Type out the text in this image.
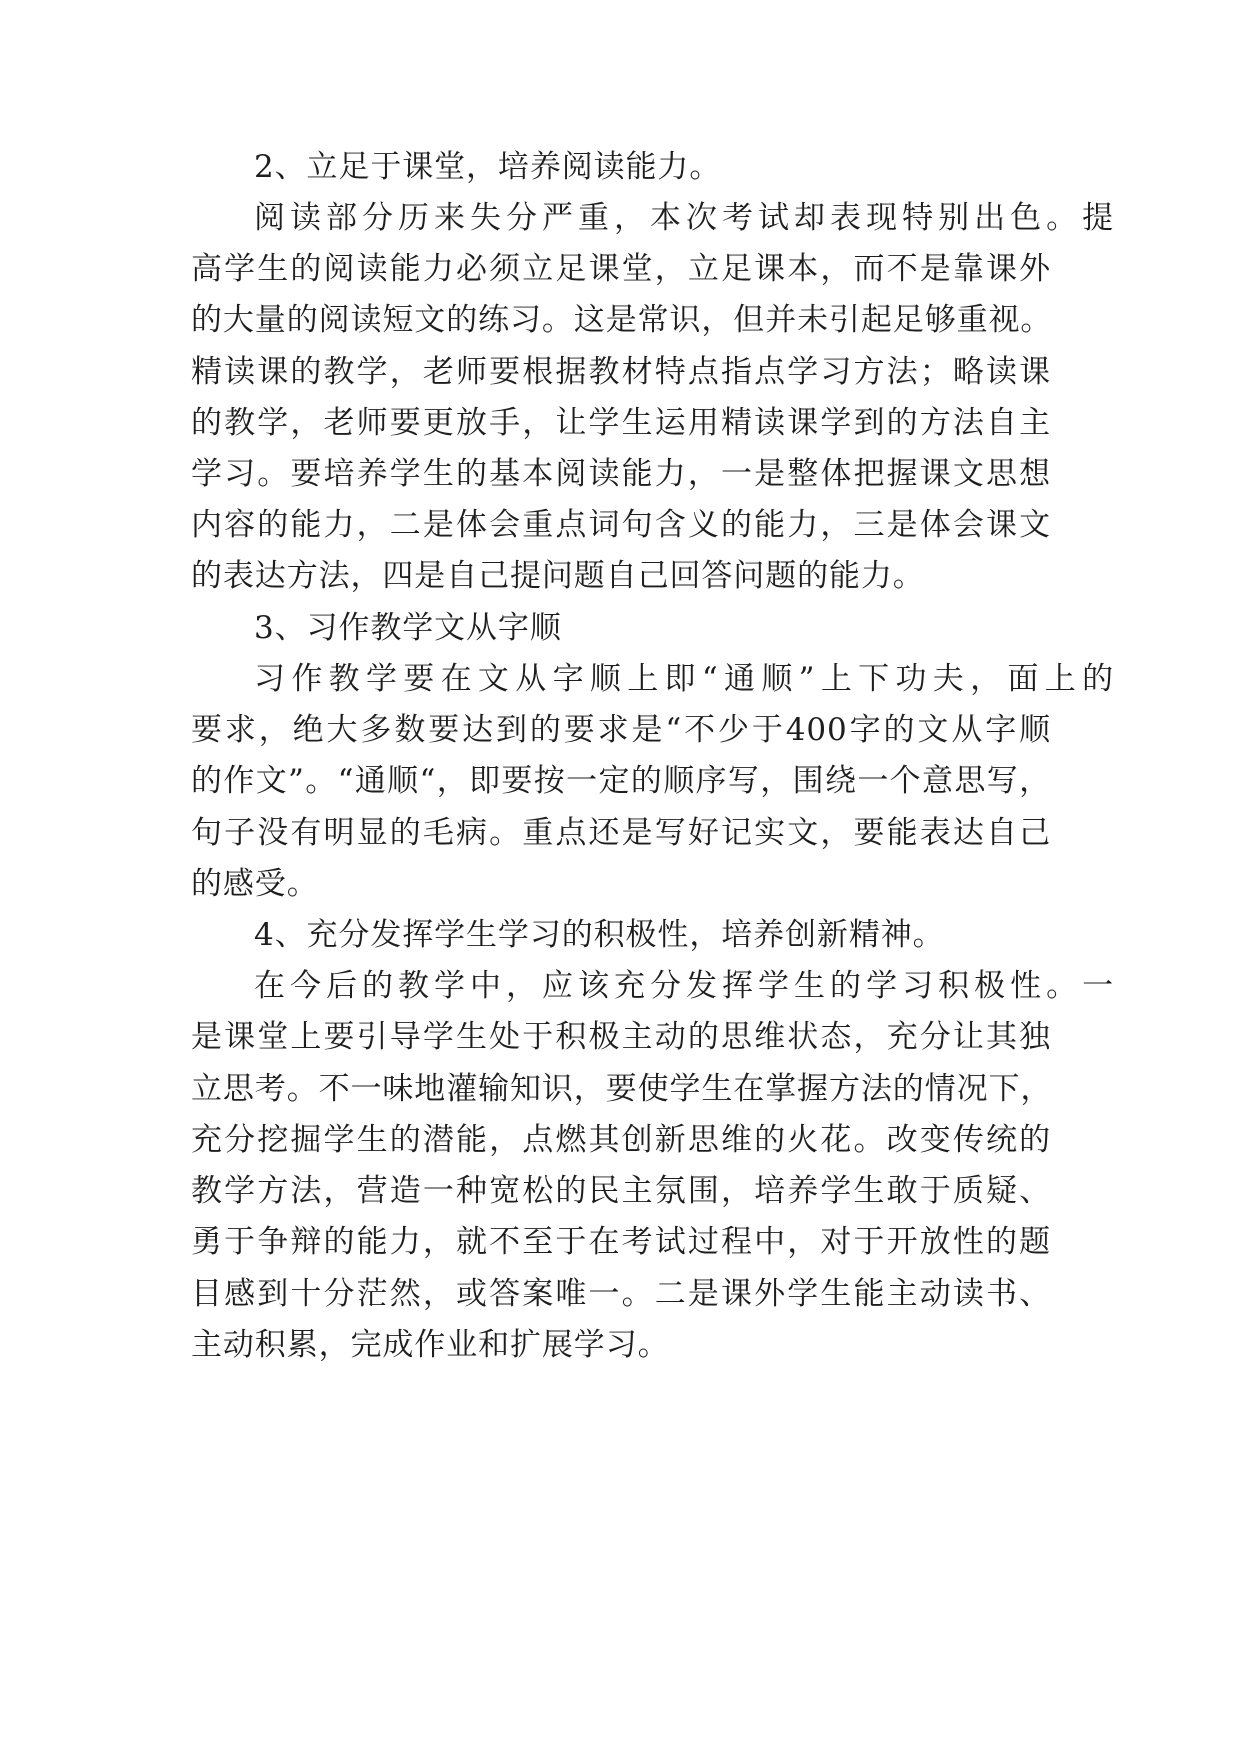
2、立足于课堂，培养阅读能力。
阅读部分历来失分严重，本次考试却表现特别出色。提
高学生的阅读能力必须立足课堂，立足课本，而不是靠课外
的大量的阅读短文的练习。这是常识，但并未引起足够重视。
精读课的教学，老师要根据教材特点指点学习方法；略读课
的教学，老师要更放手，让学生运用精读课学到的方法自主
学习。要培养学生的基本阅读能力，一是整体把握课文思想
内容的能力，二是体会重点词句含义的能力，三是体会课文
的表达方法，四是自己提问题自己回答问题的能力。
3、习作教学文从字顺
习作教学要在文从字顺上即“通顺”上下功夫，面上的
要求，绝大多数要达到的要求是“不少于400字的文从字顺
的作文”。“通顺“，即要按一定的顺序写，围绕一个意思写，
句子没有明显的毛病。重点还是写好记实文，要能表达自己
的感受。
4、充分发挥学生学习的积极性，培养创新精神。
在今后的教学中，应该充分发挥学生的学习积极性。一
是课堂上要引导学生处于积极主动的思维状态，充分让其独
立思考。不一味地灌输知识，要使学生在掌握方法的情况下，
充分挖掘学生的潜能，点燃其创新思维的火花。改变传统的
教学方法，营造一种宽松的民主氛围，培养学生敢于质疑、
勇于争辩的能力，就不至于在考试过程中，对于开放性的题
目感到十分茫然，或答案唯一。二是课外学生能主动读书、
主动积累，完成作业和扩展学习。
